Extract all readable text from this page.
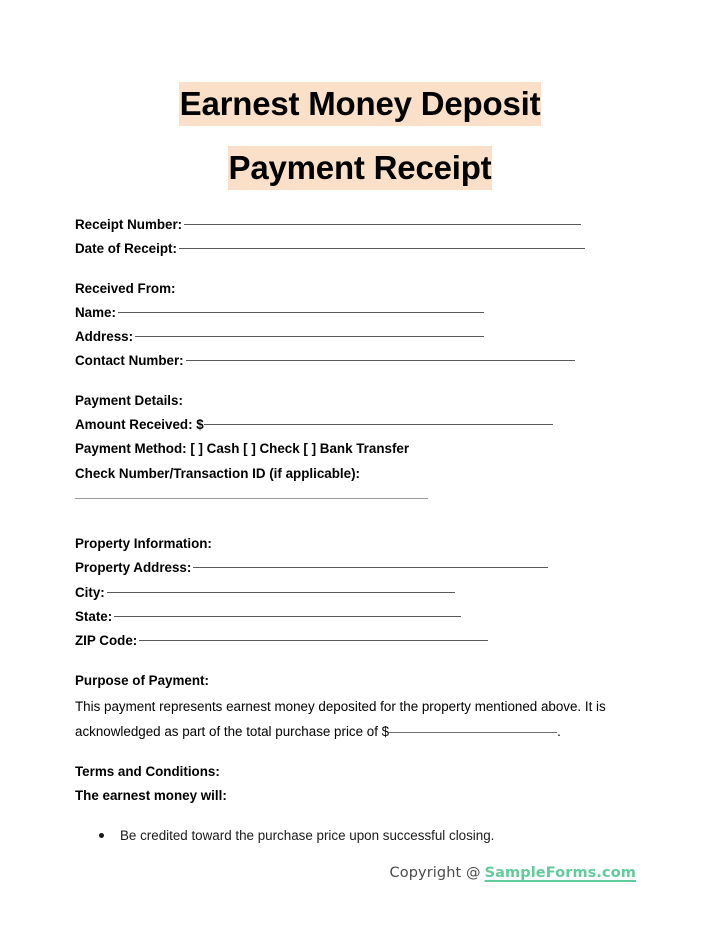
Earnest Money Deposit
Payment Receipt
Receipt Number:
Date of Receipt:
Received From:
Name:
Address:
Contact Number:
Payment Details:
Amount Received: $
Payment Method: [ ] Cash [ ] Check [ ] Bank Transfer
Check Number/Transaction ID (if applicable):
Property Information:
Property Address:
City:
State:
ZIP Code:
Purpose of Payment:

This payment represents earnest money deposited for the property mentioned above. It is acknowledged as part of the total purchase price of $	.

Terms and Conditions:
The earnest money will:
Be credited toward the purchase price upon successful closing.
Copyright @ SampleForms.com
